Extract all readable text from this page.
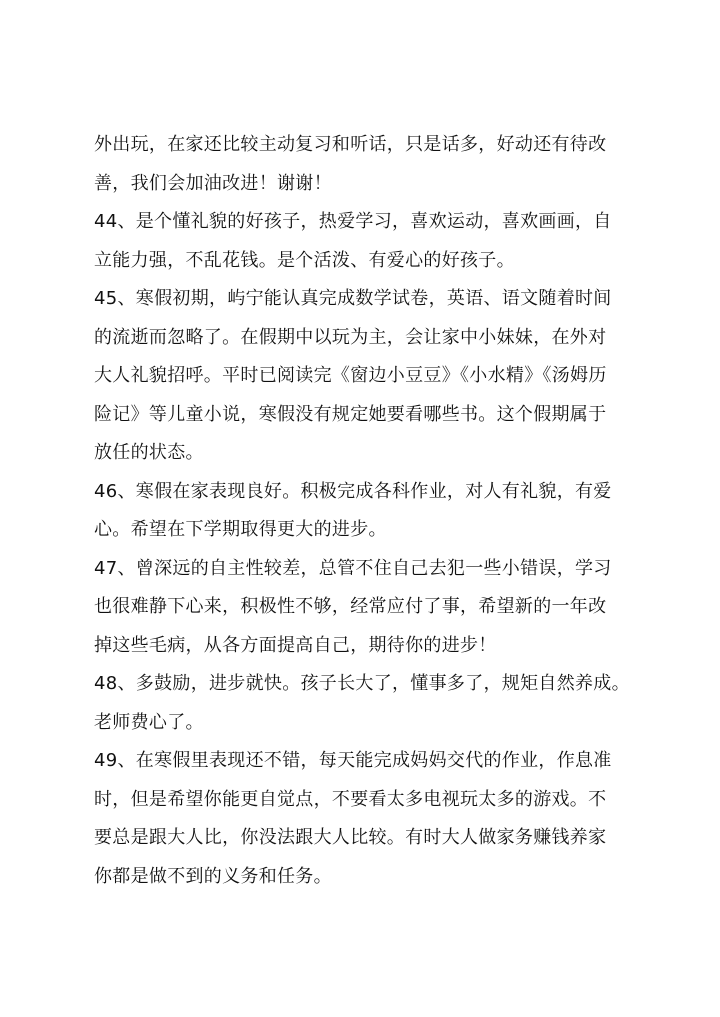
外出玩，在家还比较主动复习和听话，只是话多，好动还有待改
善，我们会加油改进！谢谢！
44、是个懂礼貌的好孩子，热爱学习，喜欢运动，喜欢画画，自
立能力强，不乱花钱。是个活泼、有爱心的好孩子。
45、寒假初期，屿宁能认真完成数学试卷，英语、语文随着时间
的流逝而忽略了。在假期中以玩为主，会让家中小妹妹，在外对
大人礼貌招呼。平时已阅读完《窗边小豆豆》《小水精》《汤姆历
险记》等儿童小说，寒假没有规定她要看哪些书。这个假期属于
放任的状态。
46、寒假在家表现良好。积极完成各科作业，对人有礼貌，有爱
心。希望在下学期取得更大的进步。
47、曾深远的自主性较差，总管不住自己去犯一些小错误，学习
也很难静下心来，积极性不够，经常应付了事，希望新的一年改
掉这些毛病，从各方面提高自己，期待你的进步！
48、多鼓励，进步就快。孩子长大了，懂事多了，规矩自然养成。
老师费心了。
49、在寒假里表现还不错，每天能完成妈妈交代的作业，作息准
时，但是希望你能更自觉点，不要看太多电视玩太多的游戏。不
要总是跟大人比，你没法跟大人比较。有时大人做家务赚钱养家
你都是做不到的义务和任务。
